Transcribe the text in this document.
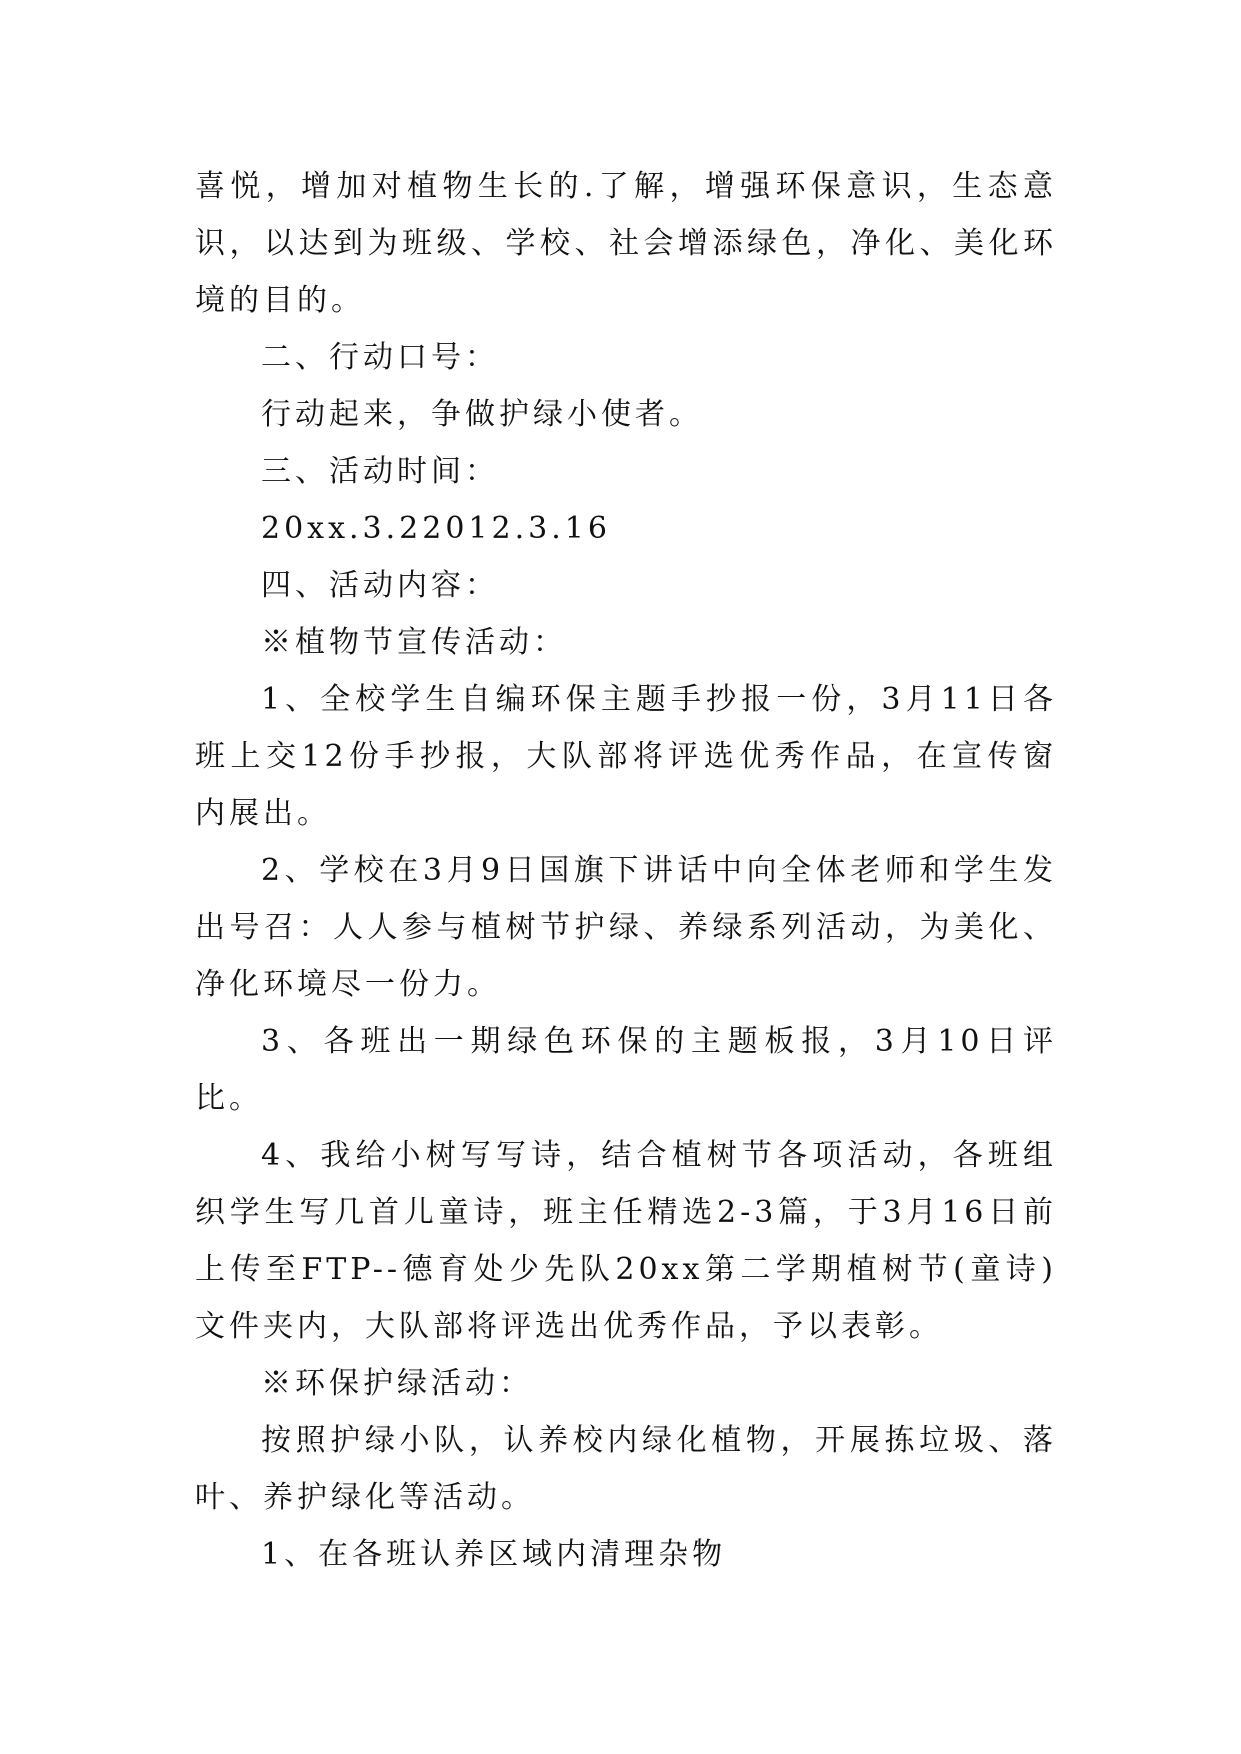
喜悦，增加对植物生长的.了解，增强环保意识，生态意识，以达到为班级、学校、社会增添绿色，净化、美化环境的目的。

二、行动口号：

行动起来，争做护绿小使者。

三、活动时间：

20xx.3.22012.3.16

四、活动内容：

※植物节宣传活动：

1、全校学生自编环保主题手抄报一份，3月11日各班上交12份手抄报，大队部将评选优秀作品，在宣传窗内展出。

2、学校在3月9日国旗下讲话中向全体老师和学生发出号召：人人参与植树节护绿、养绿系列活动，为美化、净化环境尽一份力。

3、各班出一期绿色环保的主题板报，3月10日评比。

4、我给小树写写诗，结合植树节各项活动，各班组织学生写几首儿童诗，班主任精选2-3篇，于3月16日前上传至FTP--德育处少先队20xx第二学期植树节(童诗)文件夹内，大队部将评选出优秀作品，予以表彰。

※环保护绿活动：

按照护绿小队，认养校内绿化植物，开展拣垃圾、落叶、养护绿化等活动。

1、在各班认养区域内清理杂物
